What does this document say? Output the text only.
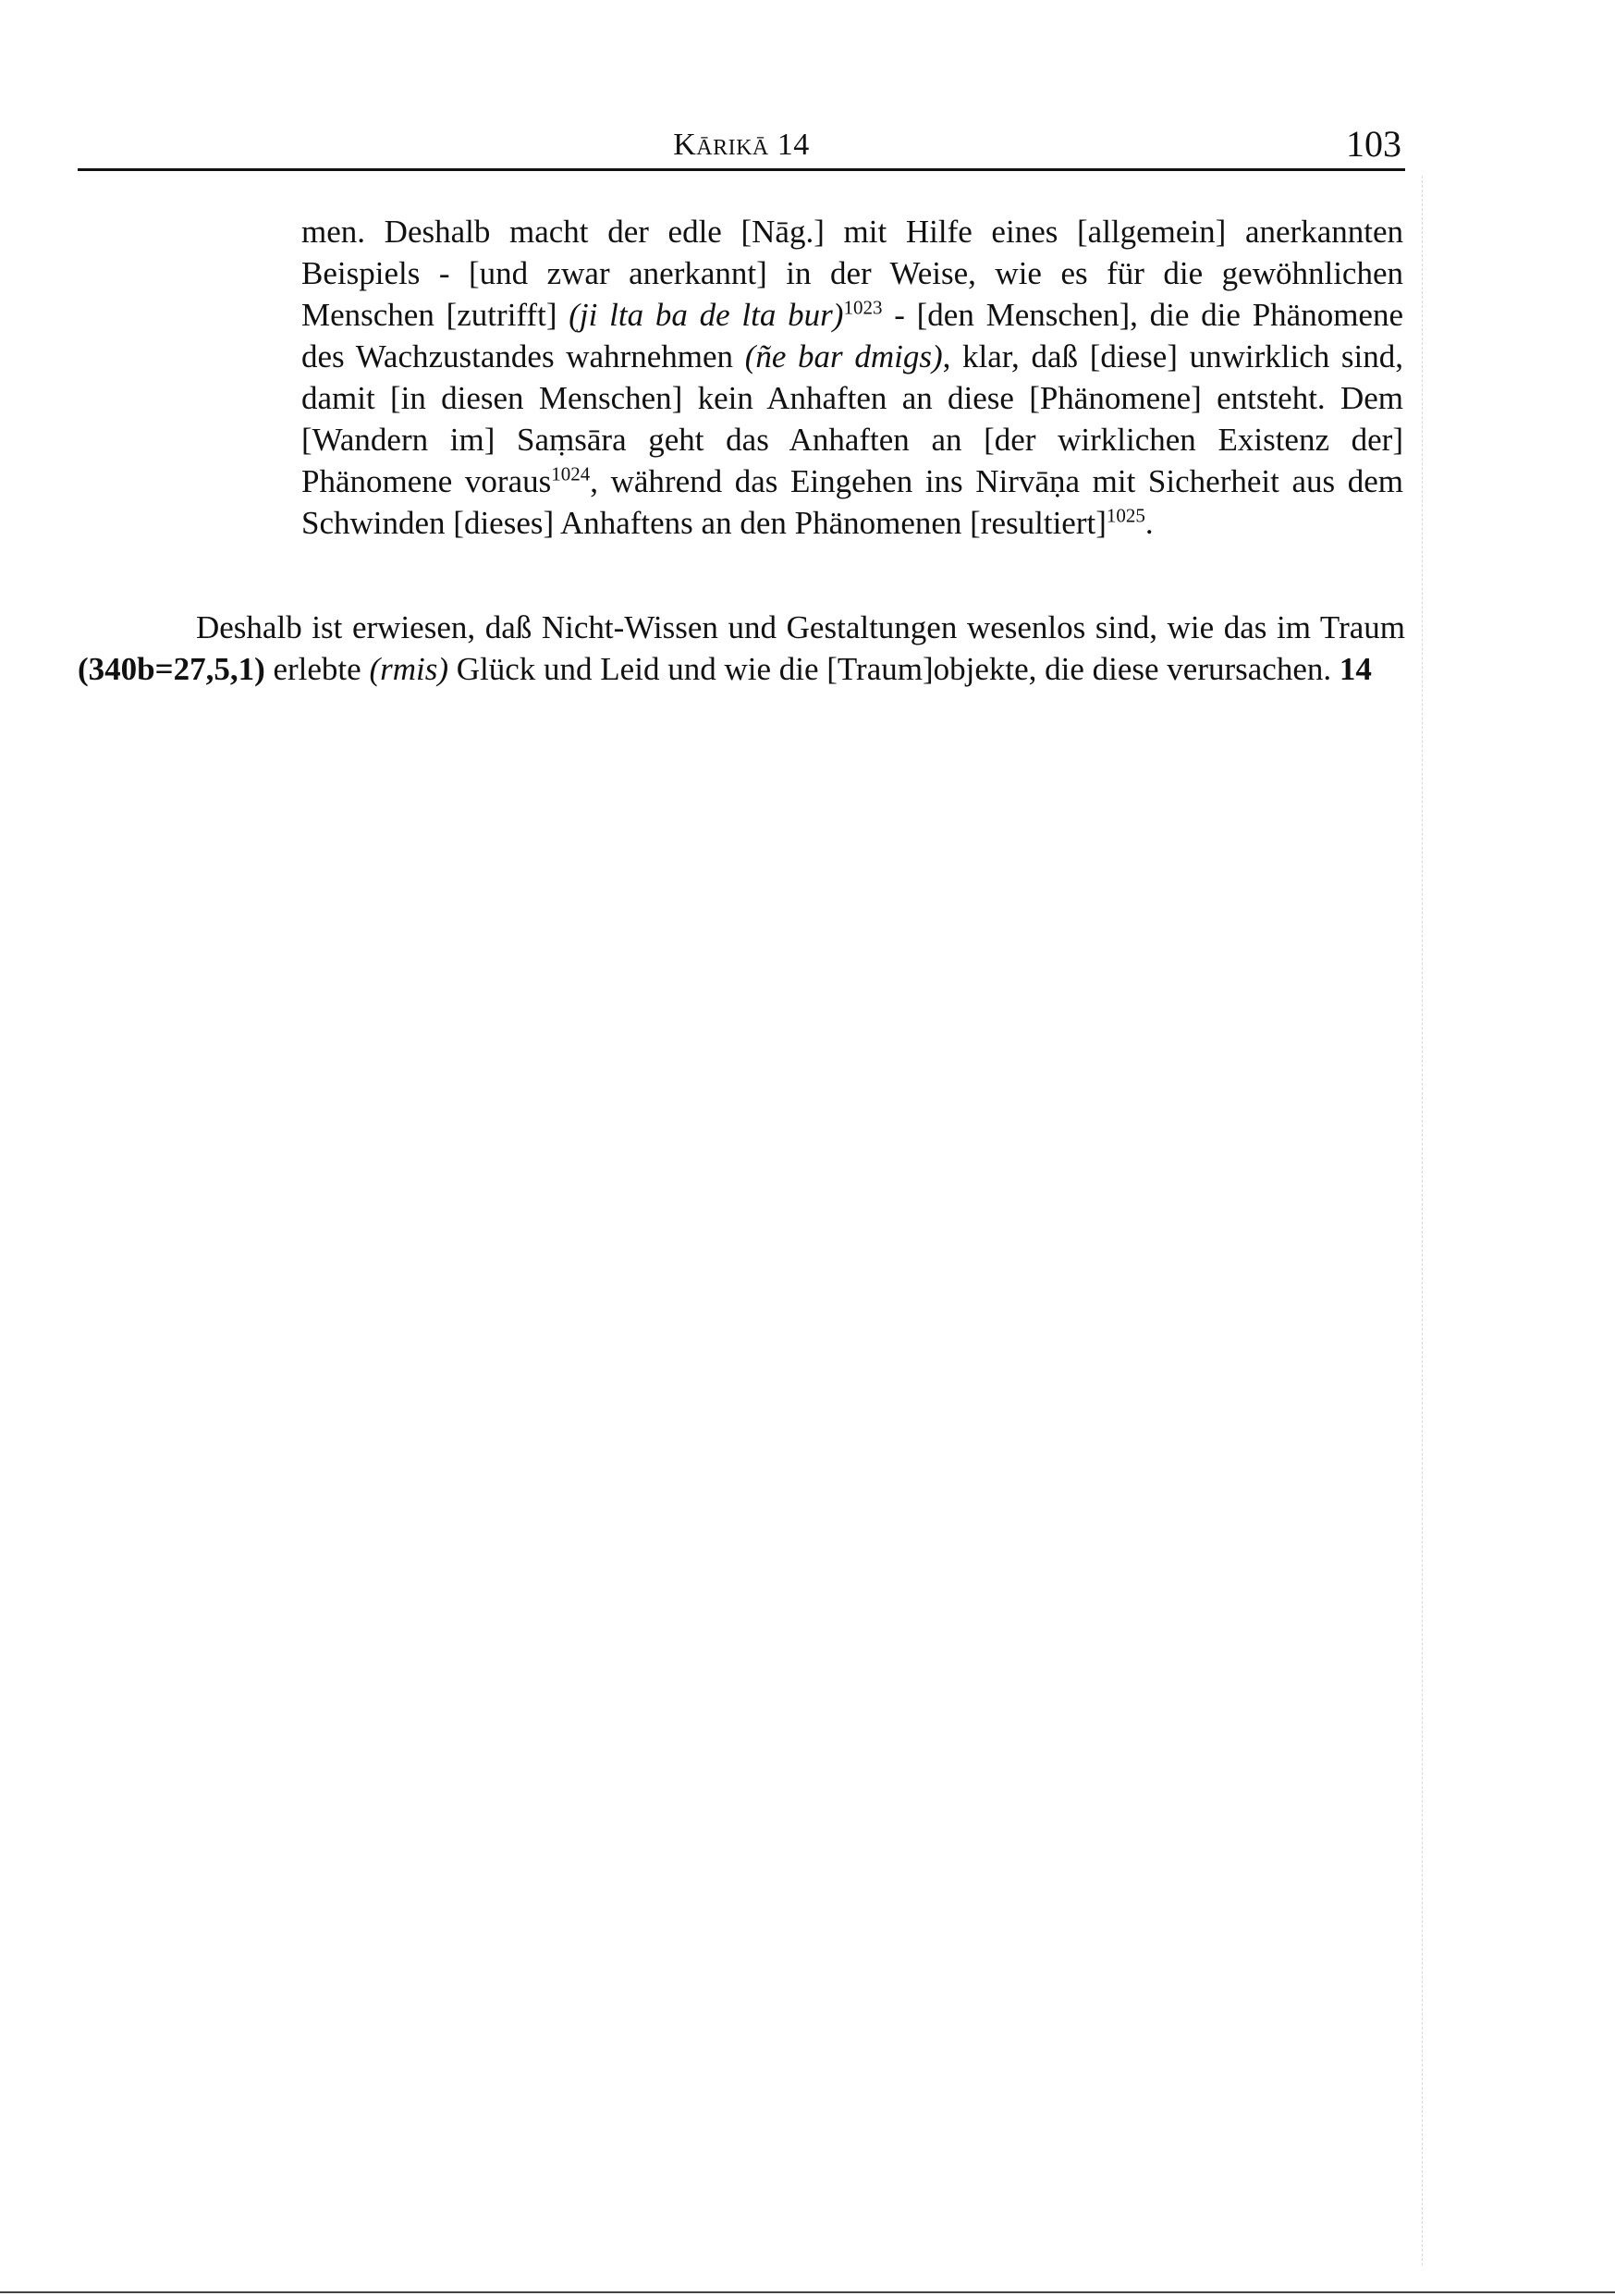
Kārikā 14	103

men. Deshalb macht der edle [Nāg.] mit Hilfe eines [allgemein] anerkannten Beispiels - [und zwar anerkannt] in der Weise, wie es für die gewöhnlichen Menschen [zutrifft] (ji lta ba de lta bur)$^{1023}$ - [den Menschen], die die Phänomene des Wachzustandes wahrnehmen (ñe bar dmigs), klar, daß [diese] unwirklich sind, damit [in diesen Menschen] kein Anhaften an diese [Phänomene] entsteht. Dem [Wandern im] Saṃsāra geht das Anhaften an [der wirklichen Existenz der] Phänomene voraus$^{1024}$, während das Eingehen ins Nirvāṇa mit Sicherheit aus dem Schwinden [dieses] Anhaftens an den Phänomenen [resultiert]$^{1025}$.

Deshalb ist erwiesen, daß Nicht-Wissen und Gestaltungen wesenlos sind, wie das im Traum (340b=27,5,1) erlebte (rmis) Glück und Leid und wie die [Traum]objekte, die diese verursachen. 14
